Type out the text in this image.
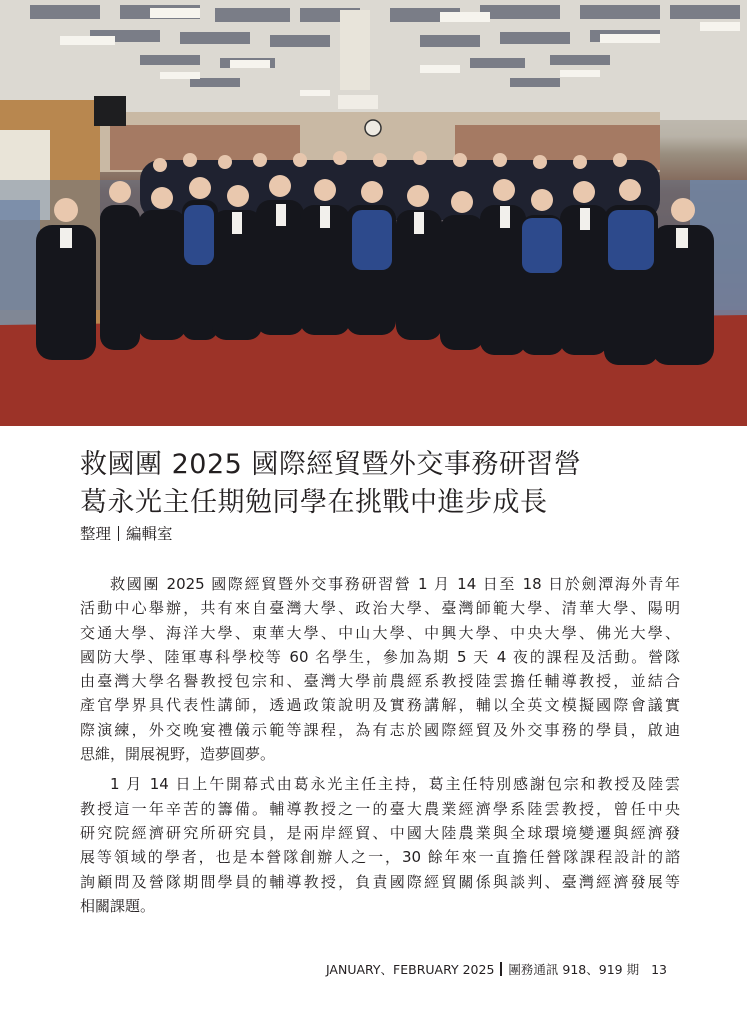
救國團 2025 國際經貿暨外交事務研習營
葛永光主任期勉同學在挑戰中進步成長
整理 編輯室
救國團 2025 國際經貿暨外交事務研習營 1 月 14 日至 18 日於劍潭海外青年
活動中心舉辦，共有來自臺灣大學、政治大學、臺灣師範大學、清華大學、陽明
交通大學、海洋大學、東華大學、中山大學、中興大學、中央大學、佛光大學、
國防大學、陸軍專科學校等 60 名學生，參加為期 5 天 4 夜的課程及活動。營隊
由臺灣大學名譽教授包宗和、臺灣大學前農經系教授陸雲擔任輔導教授，並結合
產官學界具代表性講師，透過政策說明及實務講解，輔以全英文模擬國際會議實
際演練，外交晚宴禮儀示範等課程，為有志於國際經貿及外交事務的學員，啟迪
思維，開展視野，造夢圓夢。
1 月 14 日上午開幕式由葛永光主任主持，葛主任特別感謝包宗和教授及陸雲
教授這一年辛苦的籌備。輔導教授之一的臺大農業經濟學系陸雲教授，曾任中央
研究院經濟研究所研究員，是兩岸經貿、中國大陸農業與全球環境變遷與經濟發
展等領域的學者，也是本營隊創辦人之一，30 餘年來一直擔任營隊課程設計的諮
詢顧問及營隊期間學員的輔導教授，負責國際經貿關係與談判、臺灣經濟發展等
相關課題。
JANUARY、FEBRUARY 2025 團務通訊 918、919 期 13
